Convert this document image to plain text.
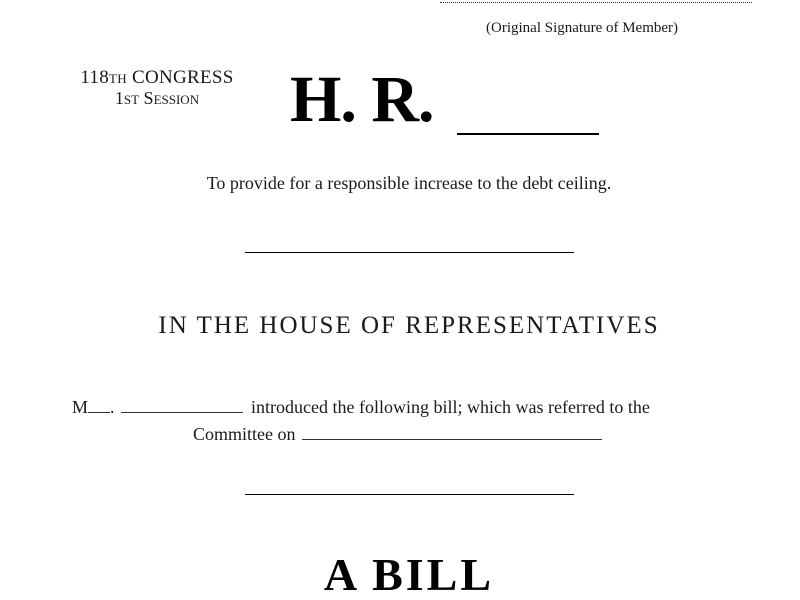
(Original Signature of Member)
118th CONGRESS
1st Session	H. R.
To provide for a responsible increase to the debt ceiling.
IN THE HOUSE OF REPRESENTATIVES
M .	introduced the following bill; which was referred to the
Committee on
A BILL
